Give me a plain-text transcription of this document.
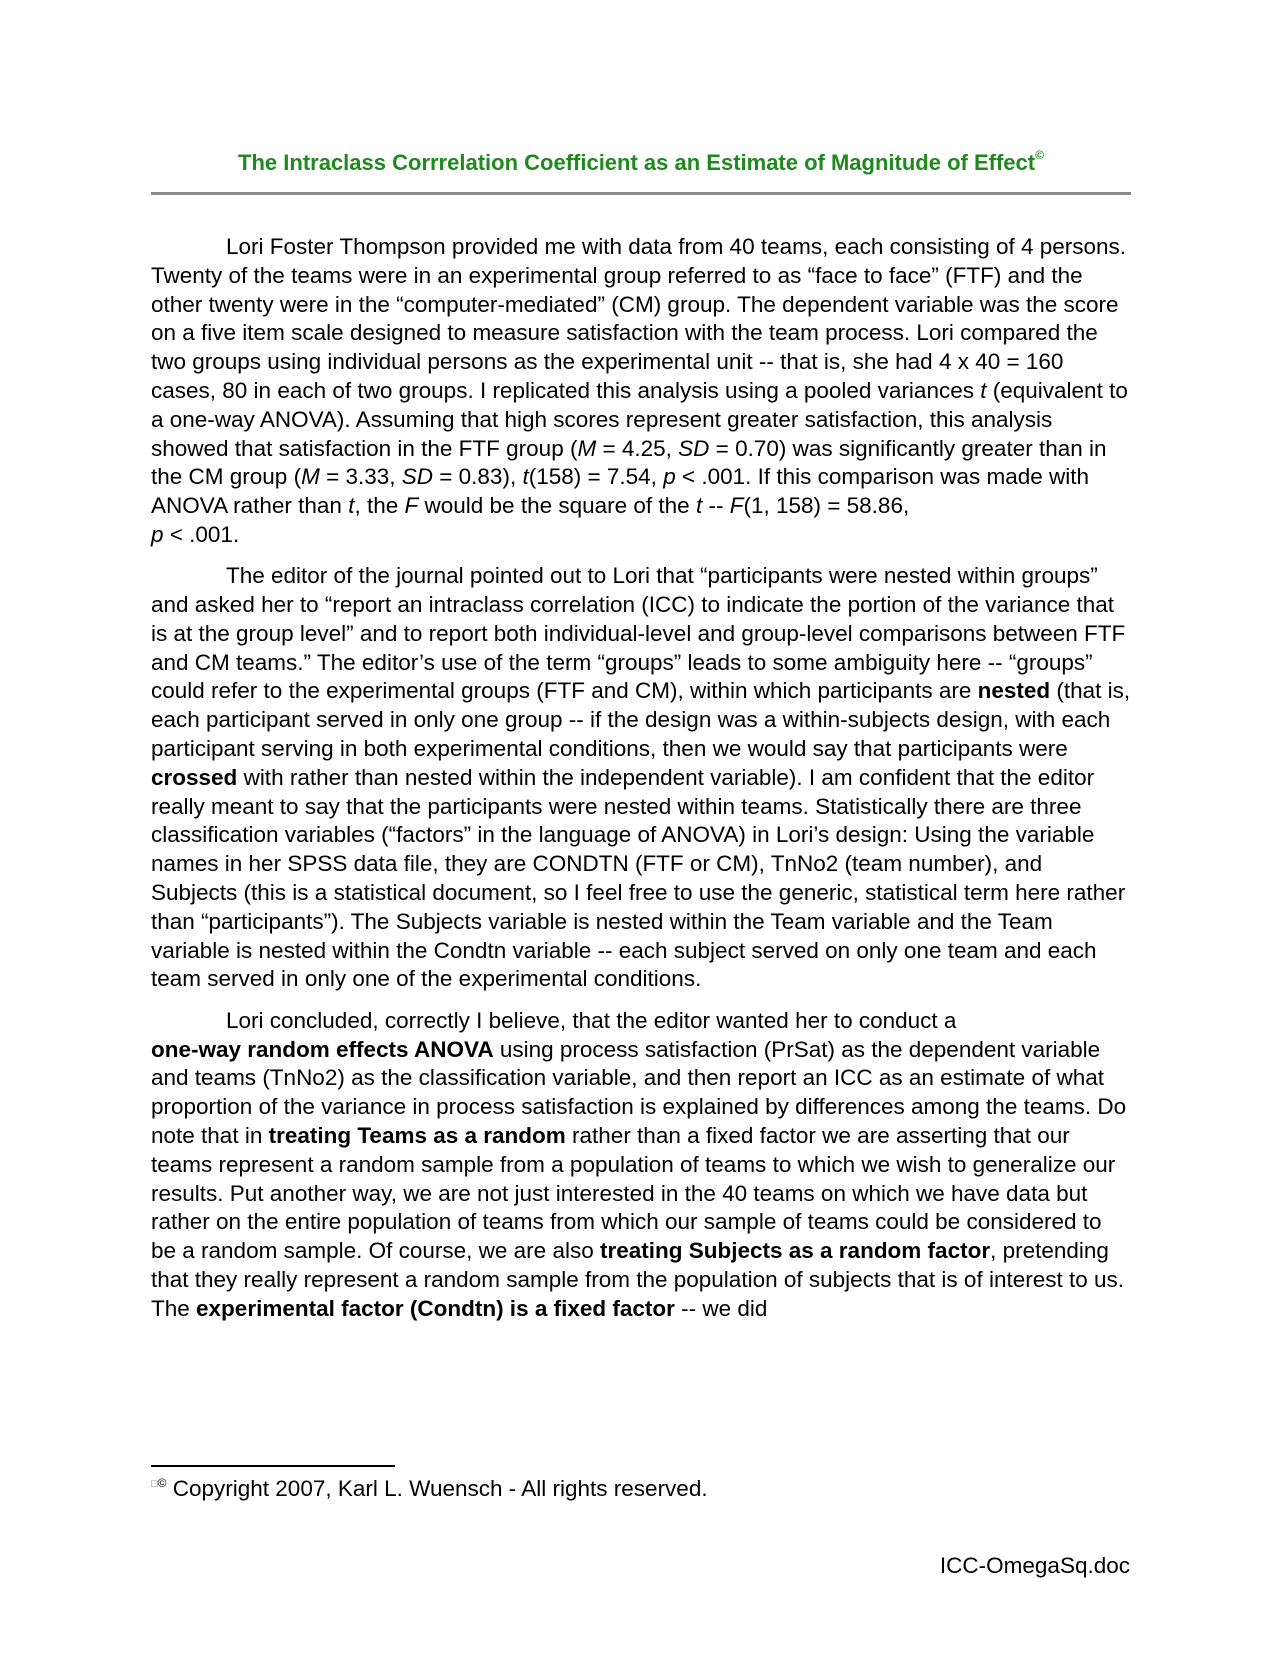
The Intraclass Corrrelation Coefficient as an Estimate of Magnitude of Effect©

Lori Foster Thompson provided me with data from 40 teams, each consisting of 4 persons. Twenty of the teams were in an experimental group referred to as “face to face” (FTF) and the other twenty were in the “computer-mediated” (CM) group. The dependent variable was the score on a five item scale designed to measure satisfaction with the team process. Lori compared the two groups using individual persons as the experimental unit -- that is, she had 4 x 40 = 160 cases, 80 in each of two groups. I replicated this analysis using a pooled variances t (equivalent to a one-way ANOVA). Assuming that high scores represent greater satisfaction, this analysis showed that satisfaction in the FTF group (M = 4.25, SD = 0.70) was significantly greater than in the CM group (M = 3.33, SD = 0.83), t(158) = 7.54, p < .001. If this comparison was made with ANOVA rather than t, the F would be the square of the t -- F(1, 158) = 58.86,
p < .001.

The editor of the journal pointed out to Lori that “participants were nested within groups” and asked her to “report an intraclass correlation (ICC) to indicate the portion of the variance that is at the group level” and to report both individual-level and group-level comparisons between FTF and CM teams.” The editor’s use of the term “groups” leads to some ambiguity here -- “groups” could refer to the experimental groups (FTF and CM), within which participants are nested (that is, each participant served in only one group -- if the design was a within-subjects design, with each participant serving in both experimental conditions, then we would say that participants were crossed with rather than nested within the independent variable). I am confident that the editor really meant to say that the participants were nested within teams. Statistically there are three classification variables (“factors” in the language of ANOVA) in Lori’s design: Using the variable names in her SPSS data file, they are CONDTN (FTF or CM), TnNo2 (team number), and Subjects (this is a statistical document, so I feel free to use the generic, statistical term here rather than “participants”). The Subjects variable is nested within the Team variable and the Team variable is nested within the Condtn variable -- each subject served on only one team and each team served in only one of the experimental conditions.

Lori concluded, correctly I believe, that the editor wanted her to conduct a
one-way random effects ANOVA using process satisfaction (PrSat) as the dependent variable and teams (TnNo2) as the classification variable, and then report an ICC as an estimate of what proportion of the variance in process satisfaction is explained by differences among the teams. Do note that in treating Teams as a random rather than a fixed factor we are asserting that our teams represent a random sample from a population of teams to which we wish to generalize our results. Put another way, we are not just interested in the 40 teams on which we have data but rather on the entire population of teams from which our sample of teams could be considered to be a random sample. Of course, we are also treating Subjects as a random factor, pretending that they really represent a random sample from the population of subjects that is of interest to us. The experimental factor (Condtn) is a fixed factor -- we did

□© Copyright 2007, Karl L. Wuensch - All rights reserved.
ICC-OmegaSq.doc
